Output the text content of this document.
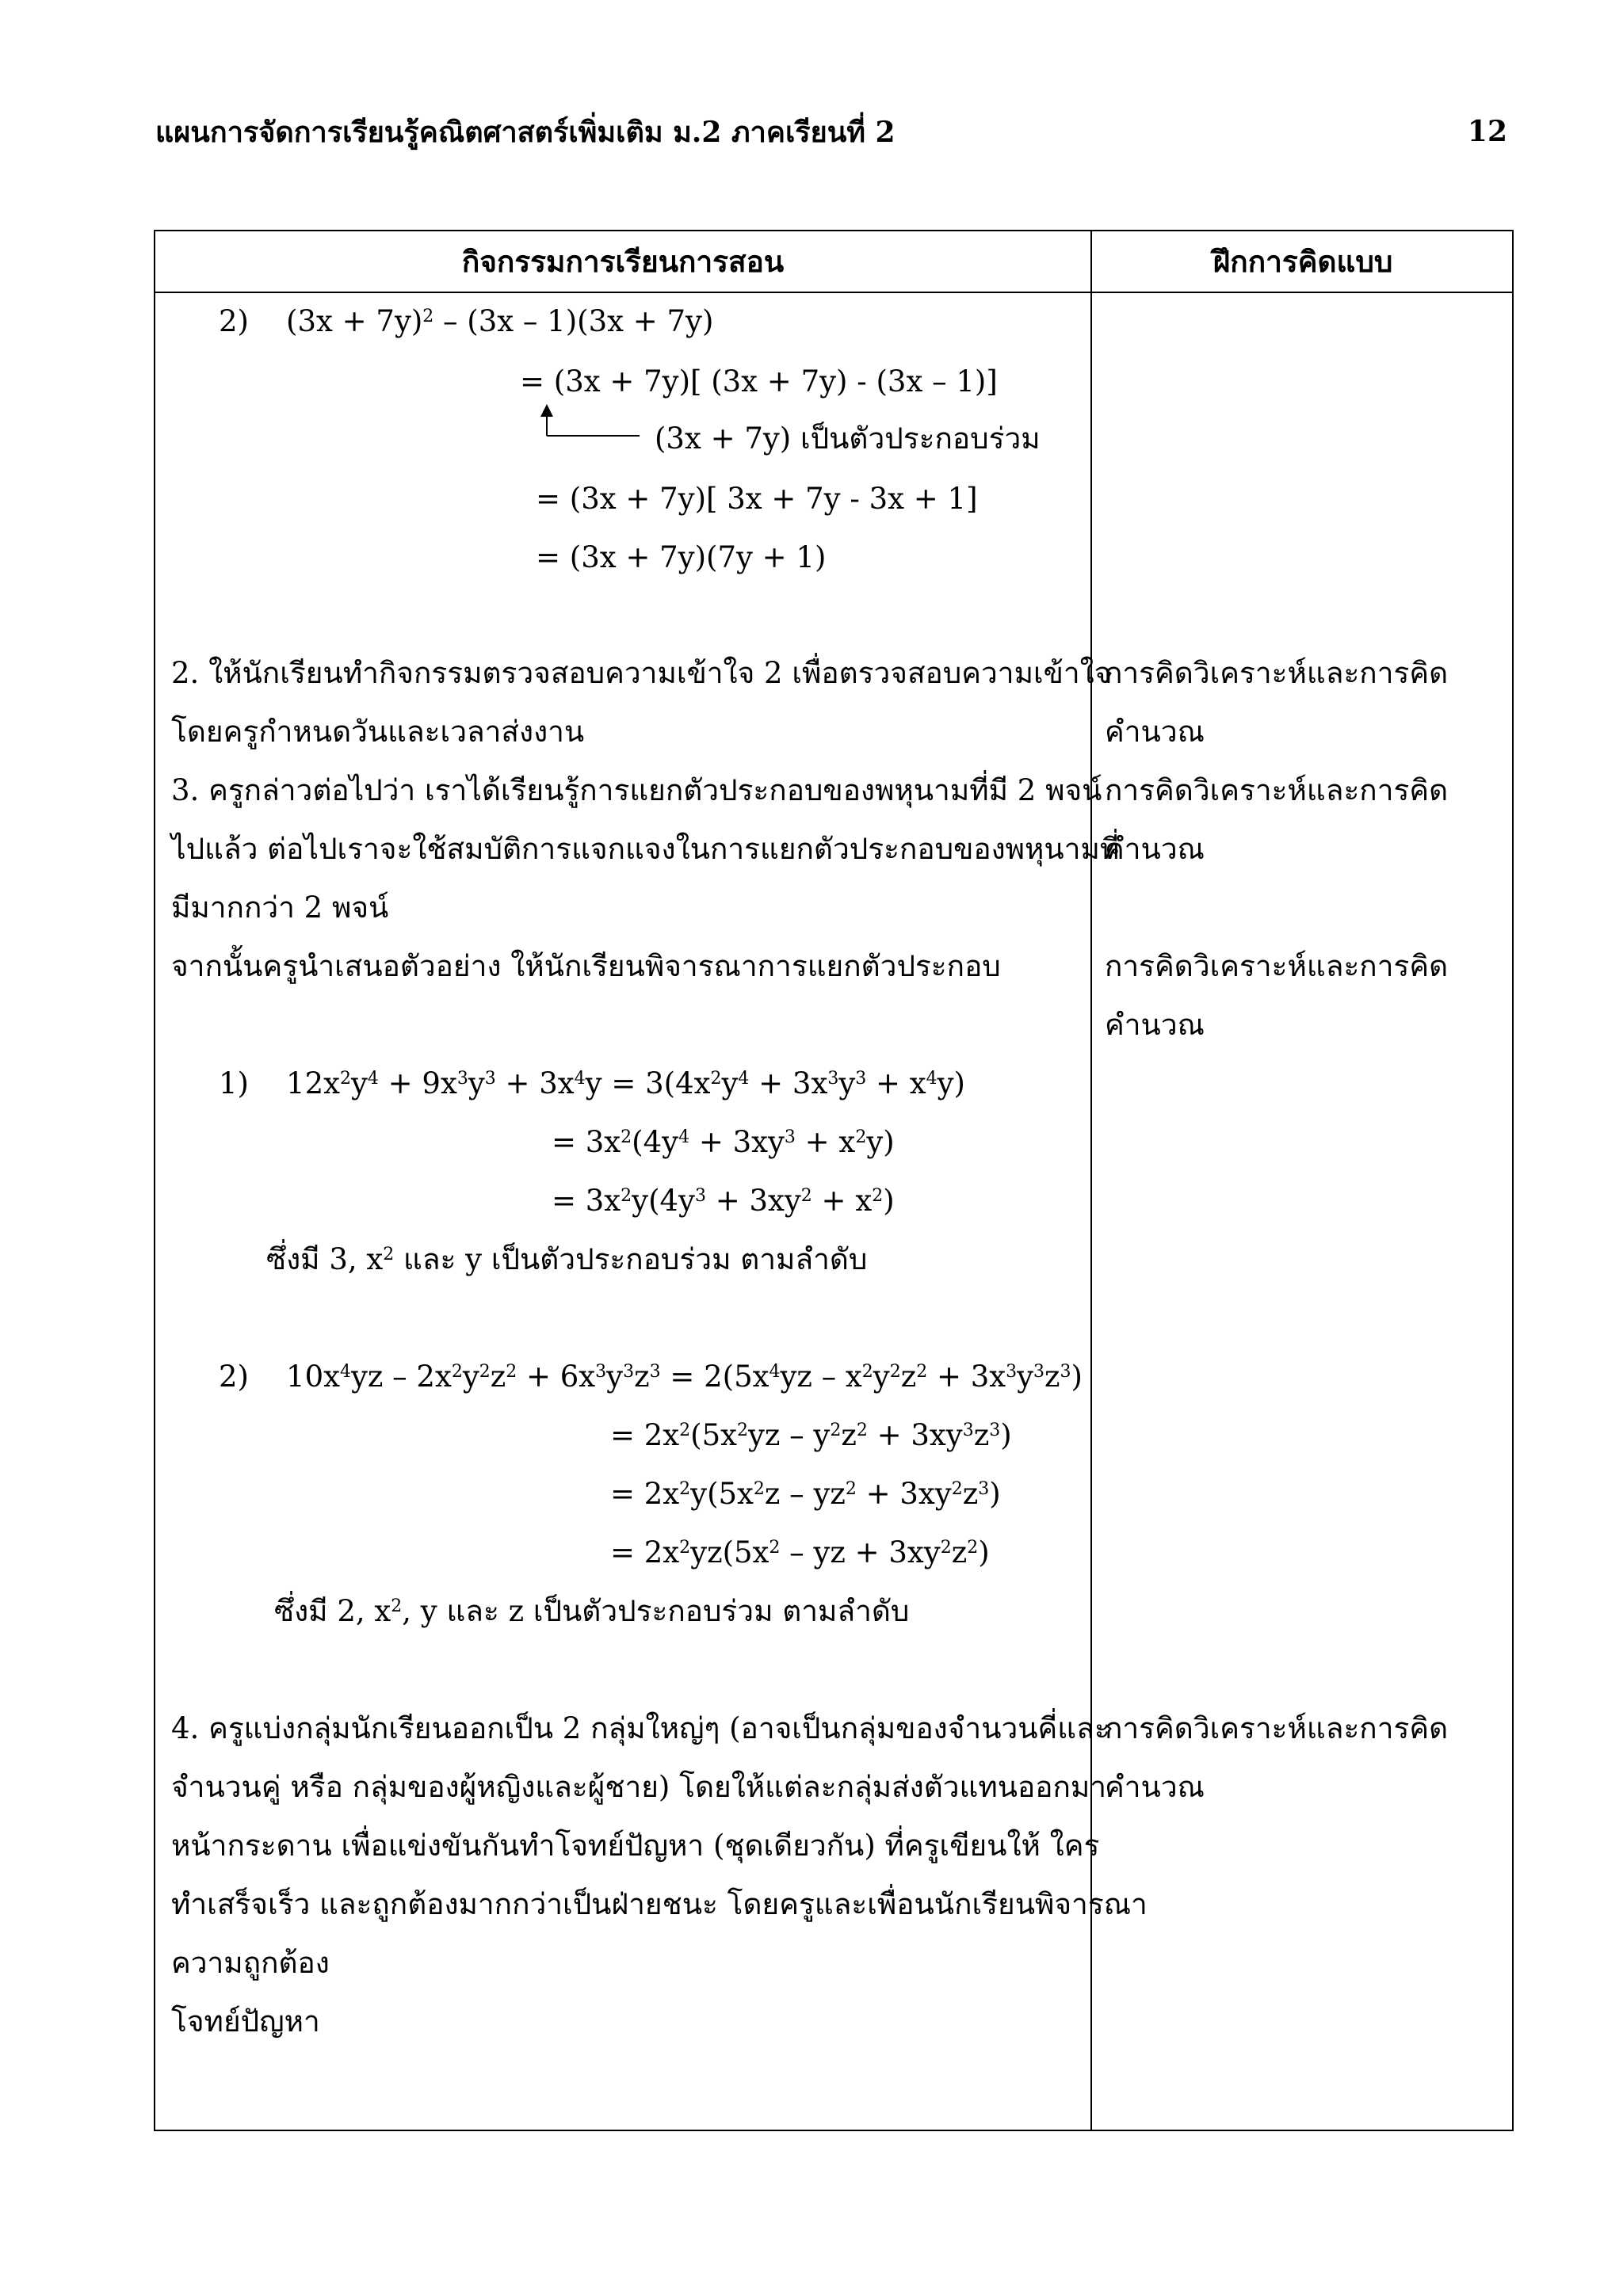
แผนการจัดการเรียนรู้คณิตศาสตร์เพิ่มเติม ม.2 ภาคเรียนที่ 2	12
กิจกรรมการเรียนการสอน	ฝึกการคิดแบบ
2) $(3x + 7y)^2 - (3x - 1)(3x + 7y)$
= (3x + 7y)[ (3x + 7y) - (3x – 1)]
(3x + 7y) เป็นตัวประกอบร่วม
= (3x + 7y)[ 3x + 7y - 3x + 1]
= (3x + 7y)(7y + 1)
2. ให้นักเรียนทำกิจกรรมตรวจสอบความเข้าใจ 2 เพื่อตรวจสอบความเข้าใจ
โดยครูกำหนดวันและเวลาส่งงาน
การคิดวิเคราะห์และการคิด
คำนวณ
3. ครูกล่าวต่อไปว่า เราได้เรียนรู้การแยกตัวประกอบของพหุนามที่มี 2 พจน์
ไปแล้ว ต่อไปเราจะใช้สมบัติการแจกแจงในการแยกตัวประกอบของพหุนามที่
มีมากกว่า 2 พจน์
จากนั้นครูนำเสนอตัวอย่าง ให้นักเรียนพิจารณาการแยกตัวประกอบ
การคิดวิเคราะห์และการคิด
คำนวณ
การคิดวิเคราะห์และการคิด
คำนวณ
1)    $12x^2y^4 + 9x^3y^3 + 3x^4y = 3(4x^2y^4 + 3x^3y^3 + x^4y)$
= $3x^2(4y^4 + 3xy^3 + x^2y)$
= $3x^2y(4y^3 + 3xy^2 + x^2)$
ซึ่งมี 3, $x^2$ และ y เป็นตัวประกอบร่วม ตามลำดับ
2)    $10x^4yz - 2x^2y^2z^2 + 6x^3y^3z^3 = 2(5x^4yz - x^2y^2z^2 + 3x^3y^3z^3)$
= $2x^2(5x^2yz - y^2z^2 + 3xy^3z^3)$
= $2x^2y(5x^2z - yz^2 + 3xy^2z^3)$
= $2x^2yz(5x^2$ – yz + $3xy^2z^2$)
ซึ่งมี 2, $x^2$, y และ z เป็นตัวประกอบร่วม ตามลำดับ
4. ครูแบ่งกลุ่มนักเรียนออกเป็น 2 กลุ่มใหญ่ๆ (อาจเป็นกลุ่มของจำนวนคี่และ
จำนวนคู่ หรือ กลุ่มของผู้หญิงและผู้ชาย) โดยให้แต่ละกลุ่มส่งตัวแทนออกมา
หน้ากระดาน เพื่อแข่งขันกันทำโจทย์ปัญหา (ชุดเดียวกัน) ที่ครูเขียนให้ ใคร
ทำเสร็จเร็ว และถูกต้องมากกว่าเป็นฝ่ายชนะ โดยครูและเพื่อนนักเรียนพิจารณา
ความถูกต้อง
โจทย์ปัญหา
การคิดวิเคราะห์และการคิด
คำนวณ
